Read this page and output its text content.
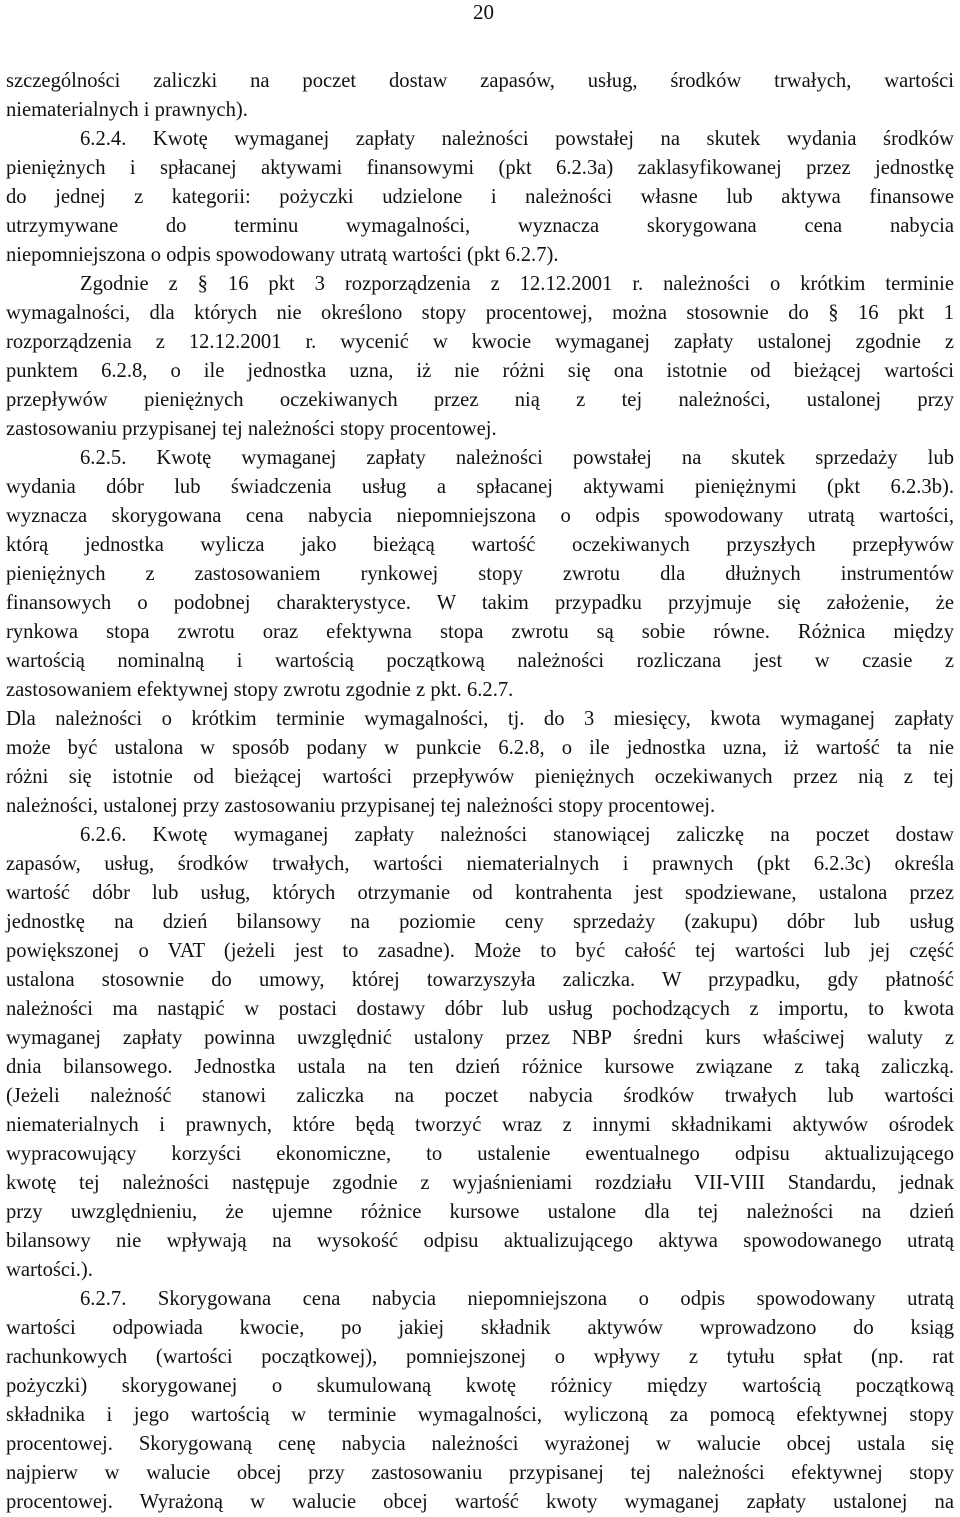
20
szczególności zaliczki na poczet dostaw zapasów, usług, środków trwałych, wartości
niematerialnych i prawnych).
6.2.4. Kwotę wymaganej zapłaty należności powstałej na skutek wydania środków
pieniężnych i spłacanej aktywami finansowymi (pkt 6.2.3a) zaklasyfikowanej przez jednostkę
do jednej z kategorii: pożyczki udzielone i należności własne lub aktywa finansowe
utrzymywane do terminu wymagalności, wyznacza skorygowana cena nabycia
niepomniejszona o odpis spowodowany utratą wartości (pkt 6.2.7).
Zgodnie z § 16 pkt 3 rozporządzenia z 12.12.2001 r. należności o krótkim terminie
wymagalności, dla których nie określono stopy procentowej, można stosownie do § 16 pkt 1
rozporządzenia z 12.12.2001 r. wycenić w kwocie wymaganej zapłaty ustalonej zgodnie z
punktem 6.2.8, o ile jednostka uzna, iż nie różni się ona istotnie od bieżącej wartości
przepływów pieniężnych oczekiwanych przez nią z tej należności, ustalonej przy
zastosowaniu przypisanej tej należności stopy procentowej.
6.2.5. Kwotę wymaganej zapłaty należności powstałej na skutek sprzedaży lub
wydania dóbr lub świadczenia usług a spłacanej aktywami pieniężnymi (pkt 6.2.3b).
wyznacza skorygowana cena nabycia niepomniejszona o odpis spowodowany utratą wartości,
którą jednostka wylicza jako bieżącą wartość oczekiwanych przyszłych przepływów
pieniężnych z zastosowaniem rynkowej stopy zwrotu dla dłużnych instrumentów
finansowych o podobnej charakterystyce. W takim przypadku przyjmuje się założenie, że
rynkowa stopa zwrotu oraz efektywna stopa zwrotu są sobie równe. Różnica między
wartością nominalną i wartością początkową należności rozliczana jest w czasie z
zastosowaniem efektywnej stopy zwrotu zgodnie z pkt. 6.2.7.
Dla należności o krótkim terminie wymagalności, tj. do 3 miesięcy, kwota wymaganej zapłaty
może być ustalona w sposób podany w punkcie 6.2.8, o ile jednostka uzna, iż wartość ta nie
różni się istotnie od bieżącej wartości przepływów pieniężnych oczekiwanych przez nią z tej
należności, ustalonej przy zastosowaniu przypisanej tej należności stopy procentowej.
6.2.6. Kwotę wymaganej zapłaty należności stanowiącej zaliczkę na poczet dostaw
zapasów, usług, środków trwałych, wartości niematerialnych i prawnych (pkt 6.2.3c) określa
wartość dóbr lub usług, których otrzymanie od kontrahenta jest spodziewane, ustalona przez
jednostkę na dzień bilansowy na poziomie ceny sprzedaży (zakupu) dóbr lub usług
powiększonej o VAT (jeżeli jest to zasadne). Może to być całość tej wartości lub jej część
ustalona stosownie do umowy, której towarzyszyła zaliczka. W przypadku, gdy płatność
należności ma nastąpić w postaci dostawy dóbr lub usług pochodzących z importu, to kwota
wymaganej zapłaty powinna uwzględnić ustalony przez NBP średni kurs właściwej waluty z
dnia bilansowego. Jednostka ustala na ten dzień różnice kursowe związane z taką zaliczką.
(Jeżeli należność stanowi zaliczka na poczet nabycia środków trwałych lub wartości
niematerialnych i prawnych, które będą tworzyć wraz z innymi składnikami aktywów ośrodek
wypracowujący korzyści ekonomiczne, to ustalenie ewentualnego odpisu aktualizującego
kwotę tej należności następuje zgodnie z wyjaśnieniami rozdziału VII-VIII Standardu, jednak
przy uwzględnieniu, że ujemne różnice kursowe ustalone dla tej należności na dzień
bilansowy nie wpływają na wysokość odpisu aktualizującego aktywa spowodowanego utratą
wartości.).
6.2.7. Skorygowana cena nabycia niepomniejszona o odpis spowodowany utratą
wartości odpowiada kwocie, po jakiej składnik aktywów wprowadzono do ksiąg
rachunkowych (wartości początkowej), pomniejszonej o wpływy z tytułu spłat (np. rat
pożyczki) skorygowanej o skumulowaną kwotę różnicy między wartością początkową
składnika i jego wartością w terminie wymagalności, wyliczoną za pomocą efektywnej stopy
procentowej. Skorygowaną cenę nabycia należności wyrażonej w walucie obcej ustala się
najpierw w walucie obcej przy zastosowaniu przypisanej tej należności efektywnej stopy
procentowej. Wyrażoną w walucie obcej wartość kwoty wymaganej zapłaty ustalonej na
